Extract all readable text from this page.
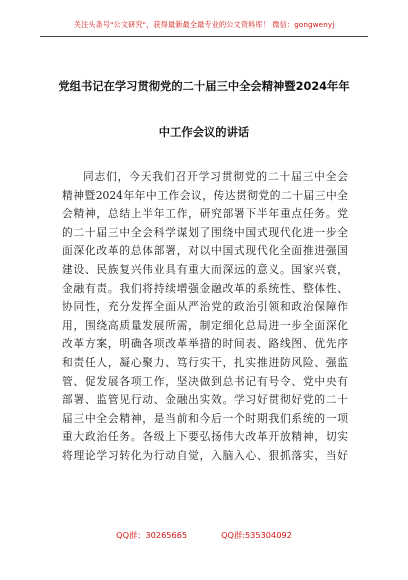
关注头条号"公文研究"，获得最新最全最专业的公文资料库！ 微信：gongwenyj
党组书记在学习贯彻党的二十届三中全会精神暨2024年年
中工作会议的讲话
同志们，今天我们召开学习贯彻党的二十届三中全会
精神暨2024年年中工作会议，传达贯彻党的二十届三中全
会精神，总结上半年工作，研究部署下半年重点任务。党
的二十届三中全会科学谋划了围绕中国式现代化进一步全
面深化改革的总体部署，对以中国式现代化全面推进强国
建设、民族复兴伟业具有重大而深远的意义。国家兴衰，
金融有责。我们将持续增强金融改革的系统性、整体性、
协同性，充分发挥全面从严治党的政治引领和政治保障作
用，围绕高质量发展所需，制定细化总局进一步全面深化
改革方案，明确各项改革举措的时间表、路线图、优先序
和责任人，凝心聚力、笃行实干，扎实推进防风险、强监
管、促发展各项工作，坚决做到总书记有号令、党中央有
部署、监管见行动、金融出实效。学习好贯彻好党的二十
届三中全会精神，是当前和今后一个时期我们系统的一项
重大政治任务。各级上下要弘扬伟大改革开放精神，切实
将理论学习转化为行动自觉，入脑入心、狠抓落实，当好
QQ群：30265665	QQ群:535304092
